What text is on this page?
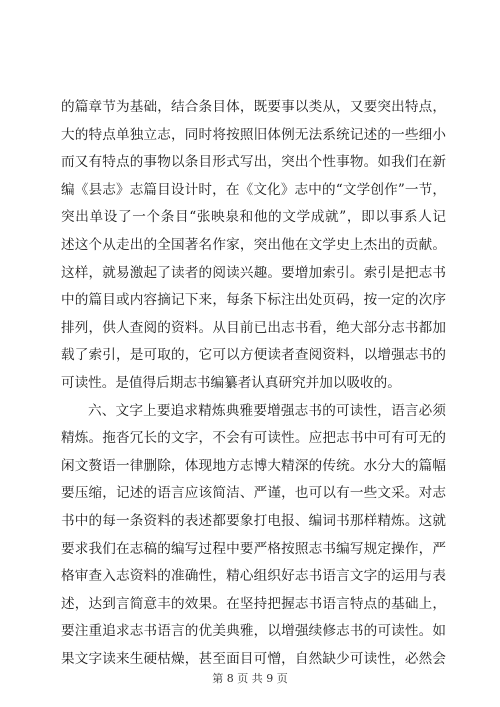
的篇章节为基础，结合条目体，既要事以类从，又要突出特点，
大的特点单独立志，同时将按照旧体例无法系统记述的一些细小
而又有特点的事物以条目形式写出，突出个性事物。如我们在新
编《县志》志篇目设计时，在《文化》志中的“文学创作”一节，
突出单设了一个条目“张映泉和他的文学成就”，即以事系人记
述这个从走出的全国著名作家，突出他在文学史上杰出的贡献。
这样，就易激起了读者的阅读兴趣。要增加索引。索引是把志书
中的篇目或内容摘记下来，每条下标注出处页码，按一定的次序
排列，供人查阅的资料。从目前已出志书看，绝大部分志书都加
载了索引，是可取的，它可以方便读者查阅资料，以增强志书的
可读性。是值得后期志书编纂者认真研究并加以吸收的。
六、文字上要追求精炼典雅要增强志书的可读性，语言必须
精炼。拖沓冗长的文字，不会有可读性。应把志书中可有可无的
闲文赘语一律删除，体现地方志博大精深的传统。水分大的篇幅
要压缩，记述的语言应该简洁、严谨，也可以有一些文采。对志
书中的每一条资料的表述都要象打电报、编词书那样精炼。这就
要求我们在志稿的编写过程中要严格按照志书编写规定操作，严
格审查入志资料的准确性，精心组织好志书语言文字的运用与表
述，达到言简意丰的效果。在坚持把握志书语言特点的基础上，
要注重追求志书语言的优美典雅，以增强续修志书的可读性。如
果文字读来生硬枯燥，甚至面目可憎，自然缺少可读性，必然会
第 8 页 共 9 页
